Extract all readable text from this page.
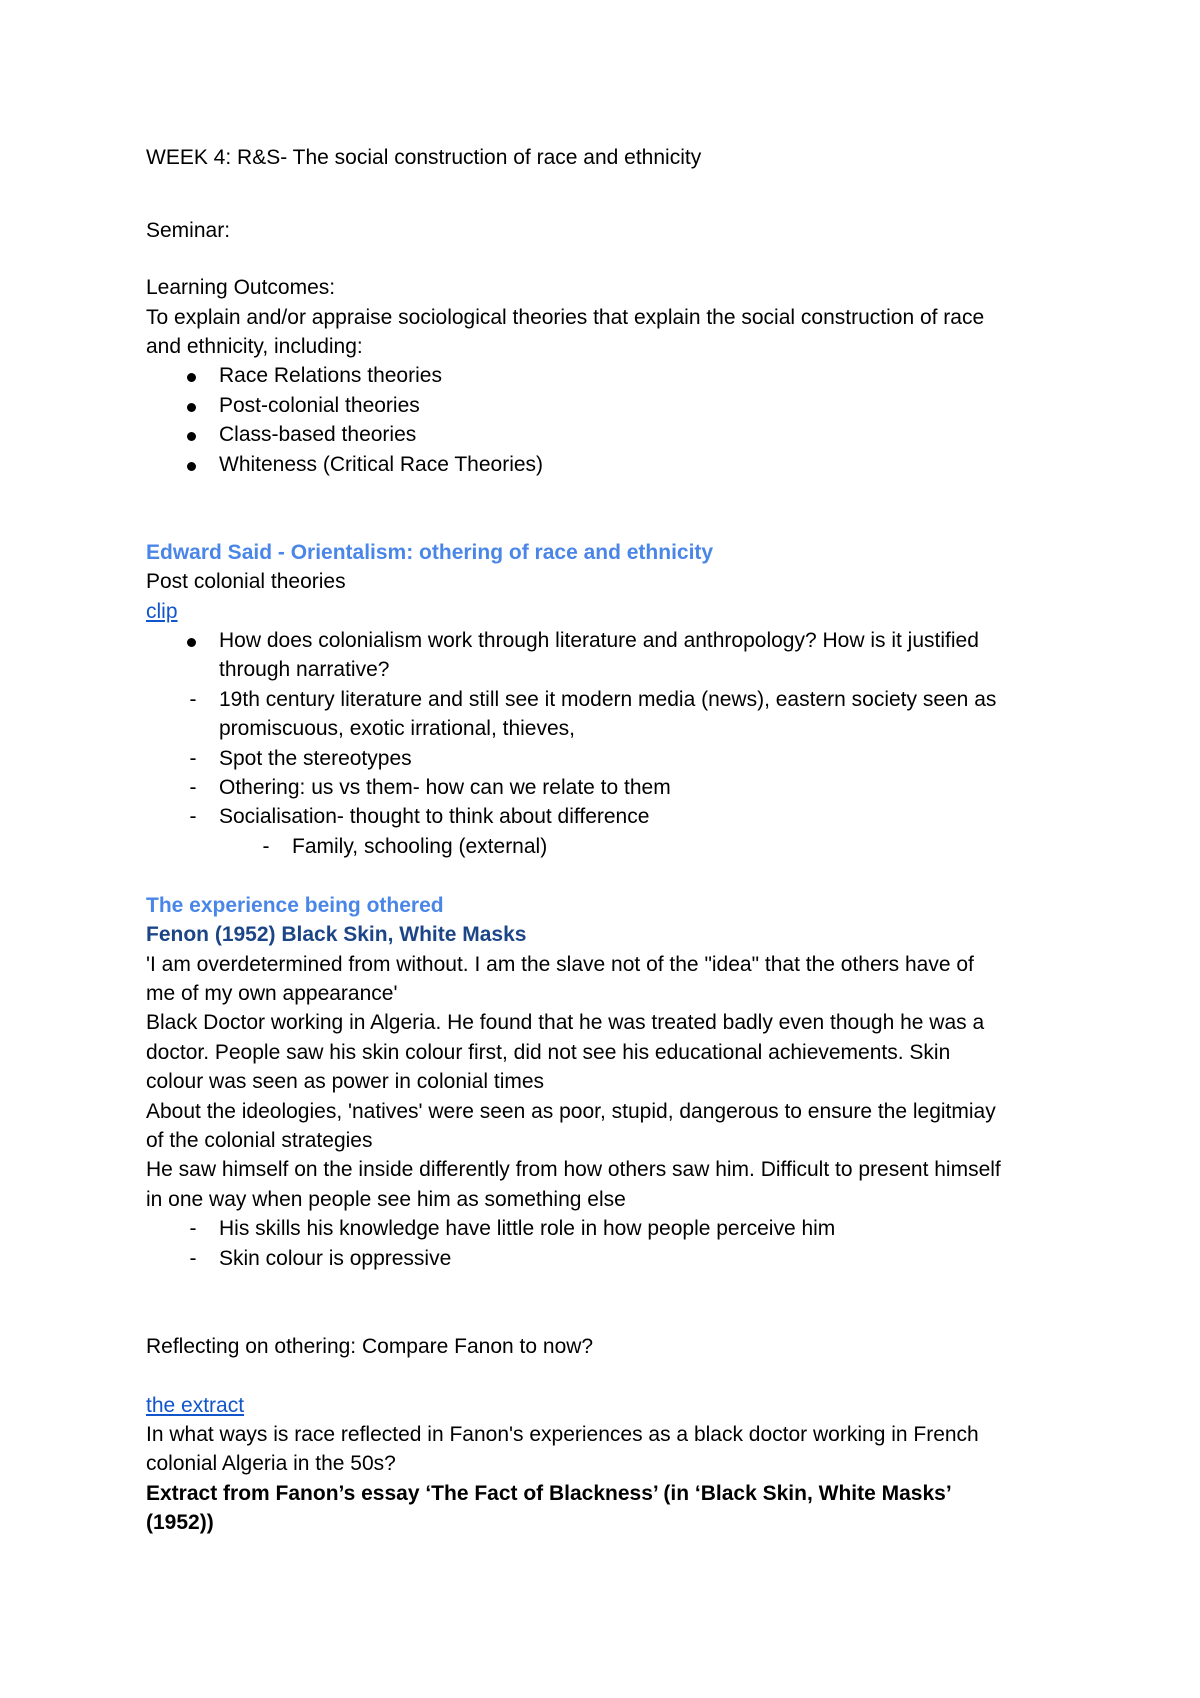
WEEK 4: R&S- The social construction of race and ethnicity
Seminar:
Learning Outcomes:
To explain and/or appraise sociological theories that explain the social construction of race
and ethnicity, including:
Race Relations theories
Post-colonial theories
Class-based theories
Whiteness (Critical Race Theories)
Edward Said - Orientalism: othering of race and ethnicity
Post colonial theories
clip
How does colonialism work through literature and anthropology? How is it justified
through narrative?
-	19th century literature and still see it modern media (news), eastern society seen as
promiscuous, exotic irrational, thieves,
-	Spot the stereotypes
-	Othering: us vs them- how can we relate to them
-	Socialisation- thought to think about difference
-	Family, schooling (external)
The experience being othered
Fenon (1952) Black Skin, White Masks
'I am overdetermined from without. I am the slave not of the "idea" that the others have of
me of my own appearance'
Black Doctor working in Algeria. He found that he was treated badly even though he was a
doctor. People saw his skin colour first, did not see his educational achievements. Skin
colour was seen as power in colonial times
About the ideologies, 'natives' were seen as poor, stupid, dangerous to ensure the legitmiay
of the colonial strategies
He saw himself on the inside differently from how others saw him. Difficult to present himself
in one way when people see him as something else
-	His skills his knowledge have little role in how people perceive him
-	Skin colour is oppressive
Reflecting on othering: Compare Fanon to now?
the extract
In what ways is race reflected in Fanon's experiences as a black doctor working in French
colonial Algeria in the 50s?
Extract from Fanon’s essay ‘The Fact of Blackness’ (in ‘Black Skin, White Masks’
(1952))
